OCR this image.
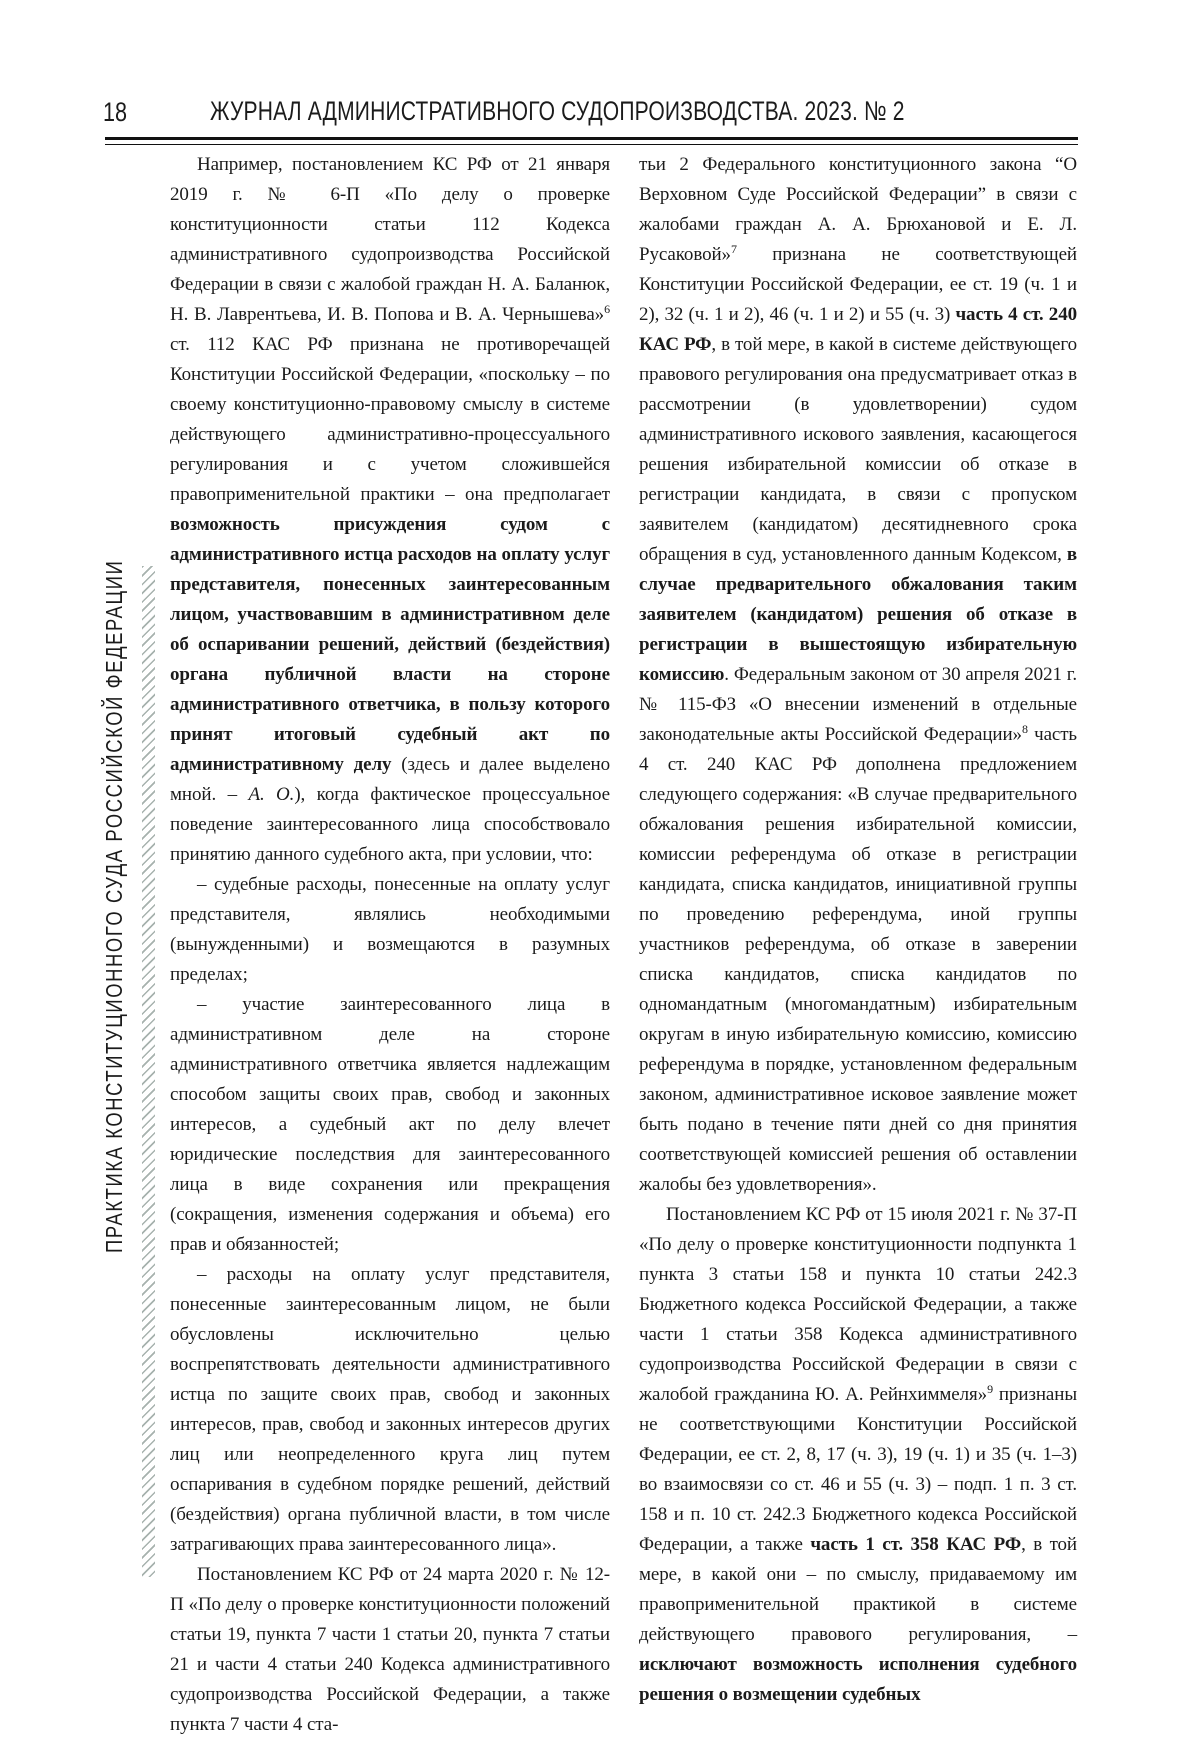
18	ЖУРНАЛ АДМИНИСТРАТИВНОГО СУДОПРОИЗВОДСТВА. 2023. № 2
ПРАКТИКА КОНСТИТУЦИОННОГО СУДА РОССИЙСКОЙ ФЕДЕРАЦИИ

Например, постановлением КС РФ от 21 января 2019 г. № 6-П «По делу о проверке конституционности статьи 112 Кодекса административного судопроизводства Российской Федерации в связи с жалобой граждан Н. А. Баланюк, Н. В. Лаврентьева, И. В. Попова и В. А. Чернышева»$^6$ ст. 112 КАС РФ признана не противоречащей Конституции Российской Федерации, «поскольку – по своему конституционно-правовому смыслу в системе действующего административно-процессуального регулирования и с учетом сложившейся правоприменительной практики – она предполагает возможность присуждения судом с административного истца расходов на оплату услуг представителя, понесенных заинтересованным лицом, участвовавшим в административном деле об оспаривании решений, действий (бездействия) органа публичной власти на стороне административного ответчика, в пользу которого принят итоговый судебный акт по административному делу (здесь и далее выделено мной. – А. О.), когда фактическое процессуальное поведение заинтересованного лица способствовало принятию данного судебного акта, при условии, что:

– судебные расходы, понесенные на оплату услуг представителя, являлись необходимыми (вынужденными) и возмещаются в разумных пределах;

– участие заинтересованного лица в административном деле на стороне административного ответчика является надлежащим способом защиты своих прав, свобод и законных интересов, а судебный акт по делу влечет юридические последствия для заинтересованного лица в виде сохранения или прекращения (сокращения, изменения содержания и объема) его прав и обязанностей;

– расходы на оплату услуг представителя, понесенные заинтересованным лицом, не были обусловлены исключительно целью воспрепятствовать деятельности административного истца по защите своих прав, свобод и законных интересов, прав, свобод и законных интересов других лиц или неопределенного круга лиц путем оспаривания в судебном порядке решений, действий (бездействия) органа публичной власти, в том числе затрагивающих права заинтересованного лица».

Постановлением КС РФ от 24 марта 2020 г. № 12-П «По делу о проверке конституционности положений статьи 19, пункта 7 части 1 статьи 20, пункта 7 статьи 21 и части 4 статьи 240 Кодекса административного судопроизводства Российской Федерации, а также пункта 7 части 4 ста-

тьи 2 Федерального конституционного закона “О Верховном Суде Российской Федерации” в связи с жалобами граждан А. А. Брюхановой и Е. Л. Русаковой»$^7$ признана не соответствующей Конституции Российской Федерации, ее ст. 19 (ч. 1 и 2), 32 (ч. 1 и 2), 46 (ч. 1 и 2) и 55 (ч. 3) часть 4 ст. 240 КАС РФ, в той мере, в какой в системе действующего правового регулирования она предусматривает отказ в рассмотрении (в удовлетворении) судом административного искового заявления, касающегося решения избирательной комиссии об отказе в регистрации кандидата, в связи с пропуском заявителем (кандидатом) десятидневного срока обращения в суд, установленного данным Кодексом, в случае предварительного обжалования таким заявителем (кандидатом) решения об отказе в регистрации в вышестоящую избирательную комиссию. Федеральным законом от 30 апреля 2021 г. № 115-ФЗ «О внесении изменений в отдельные законодательные акты Российской Федерации»$^8$ часть 4 ст. 240 КАС РФ дополнена предложением следующего содержания: «В случае предварительного обжалования решения избирательной комиссии, комиссии референдума об отказе в регистрации кандидата, списка кандидатов, инициативной группы по проведению референдума, иной группы участников референдума, об отказе в заверении списка кандидатов, списка кандидатов по одномандатным (многомандатным) избирательным округам в иную избирательную комиссию, комиссию референдума в порядке, установленном федеральным законом, административное исковое заявление может быть подано в течение пяти дней со дня принятия соответствующей комиссией решения об оставлении жалобы без удовлетворения».

Постановлением КС РФ от 15 июля 2021 г. № 37-П «По делу о проверке конституционности подпункта 1 пункта 3 статьи 158 и пункта 10 статьи 242.3 Бюджетного кодекса Российской Федерации, а также части 1 статьи 358 Кодекса административного судопроизводства Российской Федерации в связи с жалобой гражданина Ю. А. Рейнхиммеля»$^9$ признаны не соответствующими Конституции Российской Федерации, ее ст. 2, 8, 17 (ч. 3), 19 (ч. 1) и 35 (ч. 1–3) во взаимосвязи со ст. 46 и 55 (ч. 3) – подп. 1 п. 3 ст. 158 и п. 10 ст. 242.3 Бюджетного кодекса Российской Федерации, а также часть 1 ст. 358 КАС РФ, в той мере, в какой они – по смыслу, придаваемому им правоприменительной практикой в системе действующего правового регулирования, – исключают возможность исполнения судебного решения о возмещении судебных
